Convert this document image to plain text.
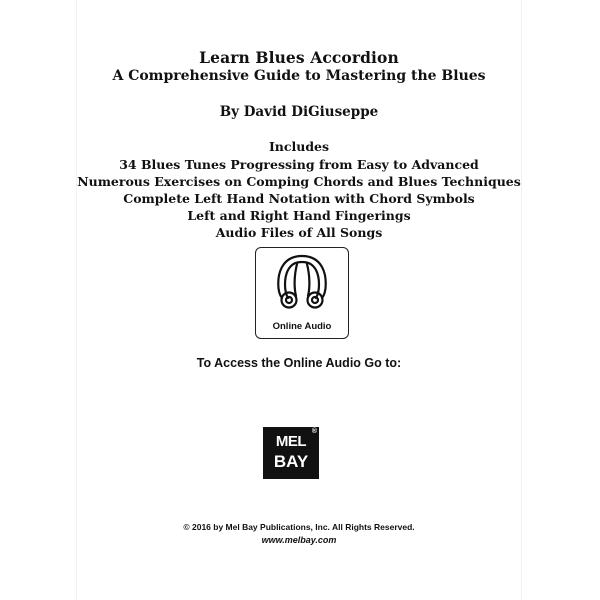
Learn Blues Accordion
A Comprehensive Guide to Mastering the Blues
By David DiGiuseppe
Includes
34 Blues Tunes Progressing from Easy to Advanced
Numerous Exercises on Comping Chords and Blues Techniques
Complete Left Hand Notation with Chord Symbols
Left and Right Hand Fingerings
Audio Files of All Songs
Online Audio
To Access the Online Audio Go to:
®
MEL
BAY
© 2016 by Mel Bay Publications, Inc. All Rights Reserved.
www.melbay.com
